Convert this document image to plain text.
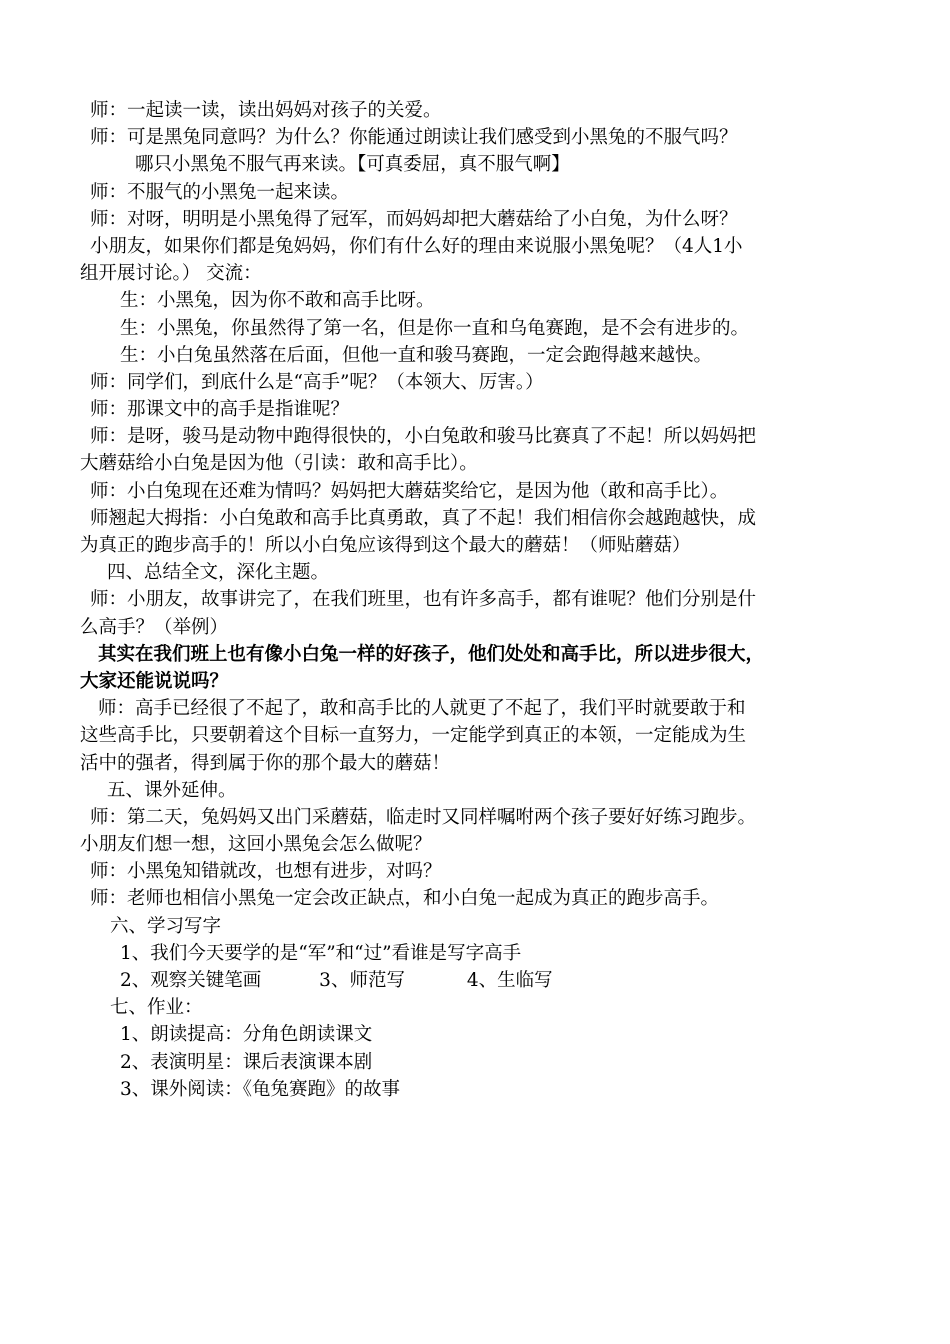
师：一起读一读，读出妈妈对孩子的关爱。
师：可是黑兔同意吗？为什么？你能通过朗读让我们感受到小黑兔的不服气吗？
哪只小黑兔不服气再来读。【可真委屈，真不服气啊】
师：不服气的小黑兔一起来读。
师：对呀，明明是小黑兔得了冠军，而妈妈却把大蘑菇给了小白兔，为什么呀？
小朋友，如果你们都是兔妈妈，你们有什么好的理由来说服小黑兔呢？（4人1小
组开展讨论。） 交流：
生：小黑兔，因为你不敢和高手比呀。
生：小黑兔，你虽然得了第一名，但是你一直和乌龟赛跑，是不会有进步的。
生：小白兔虽然落在后面，但他一直和骏马赛跑，一定会跑得越来越快。
师：同学们，到底什么是“高手”呢？（本领大、厉害。）
师：那课文中的高手是指谁呢？
师：是呀，骏马是动物中跑得很快的，小白兔敢和骏马比赛真了不起！所以妈妈把
大蘑菇给小白兔是因为他（引读：敢和高手比）。
师：小白兔现在还难为情吗？妈妈把大蘑菇奖给它，是因为他（敢和高手比）。
师翘起大拇指：小白兔敢和高手比真勇敢，真了不起！我们相信你会越跑越快，成
为真正的跑步高手的！所以小白兔应该得到这个最大的蘑菇！（师贴蘑菇）
四、总结全文，深化主题。
师：小朋友，故事讲完了，在我们班里，也有许多高手，都有谁呢？他们分别是什
么高手？（举例）
其实在我们班上也有像小白兔一样的好孩子，他们处处和高手比，所以进步很大，
大家还能说说吗？
师：高手已经很了不起了，敢和高手比的人就更了不起了，我们平时就要敢于和
这些高手比，只要朝着这个目标一直努力，一定能学到真正的本领，一定能成为生
活中的强者，得到属于你的那个最大的蘑菇！
五、课外延伸。
师：第二天，兔妈妈又出门采蘑菇，临走时又同样嘱咐两个孩子要好好练习跑步。
小朋友们想一想，这回小黑兔会怎么做呢？
师：小黑兔知错就改，也想有进步，对吗？
师：老师也相信小黑兔一定会改正缺点，和小白兔一起成为真正的跑步高手。
六、学习写字
1、我们今天要学的是“军”和“过”看谁是写字高手
2、观察关键笔画	3、师范写	4、生临写
七、作业：
1、朗读提高：分角色朗读课文
2、表演明星：课后表演课本剧
3、课外阅读：《龟兔赛跑》的故事
